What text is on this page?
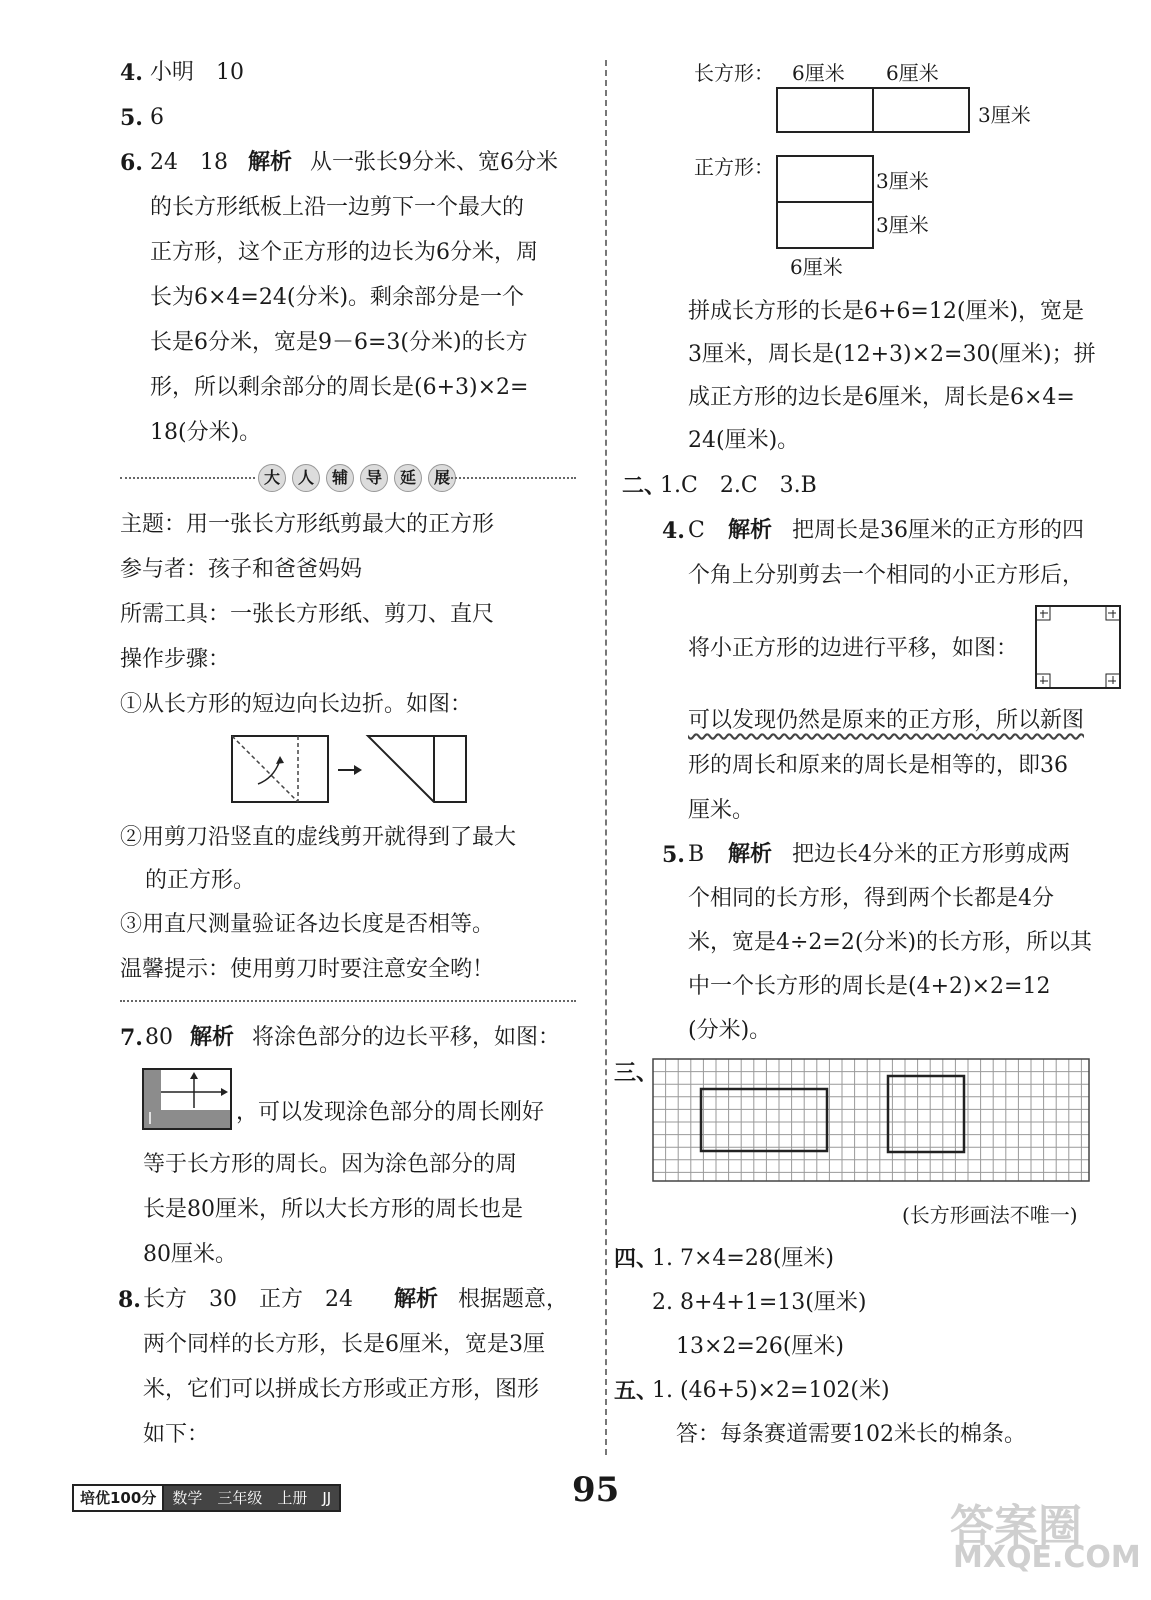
4. 小明　10
5. 6
6. 24　18 解析 从一张长9分米、宽6分米
的长方形纸板上沿一边剪下一个最大的
正方形，这个正方形的边长为6分米，周
长为6×4=24(分米)。剩余部分是一个
长是6分米，宽是9－6=3(分米)的长方
形，所以剩余部分的周长是(6+3)×2=
18(分米)。
大	人	辅	导	延	展
主题：用一张长方形纸剪最大的正方形
参与者：孩子和爸爸妈妈
所需工具：一张长方形纸、剪刀、直尺
操作步骤：
①从长方形的短边向长边折。如图：
②用剪刀沿竖直的虚线剪开就得到了最大
的正方形。
③用直尺测量验证各边长度是否相等。
温馨提示：使用剪刀时要注意安全哟！
7. 80 解析 将涂色部分的边长平移，如图：
，可以发现涂色部分的周长刚好
等于长方形的周长。因为涂色部分的周
长是80厘米，所以大长方形的周长也是
80厘米。
8. 长方　30　正方　24 解析 根据题意，
两个同样的长方形，长是6厘米，宽是3厘
米，它们可以拼成长方形或正方形，图形
如下：
长方形： 6厘米 6厘米
3厘米
正方形：
3厘米
3厘米
6厘米
拼成长方形的长是6+6=12(厘米)，宽是
3厘米，周长是(12+3)×2=30(厘米)；拼
成正方形的边长是6厘米，周长是6×4=
24(厘米)。
二、
1.C　2.C　3.B
4. C 解析 把周长是36厘米的正方形的四
个角上分别剪去一个相同的小正方形后，
将小正方形的边进行平移，如图：
可以发现仍然是原来的正方形，所以新图
形的周长和原来的周长是相等的，即36
厘米。
5. B 解析 把边长4分米的正方形剪成两
个相同的长方形，得到两个长都是4分
米，宽是4÷2=2(分米)的长方形，所以其
中一个长方形的周长是(4+2)×2=12
(分米)。
三、
(长方形画法不唯一)
四、
1. 7×4=28(厘米)
2. 8+4+1=13(厘米)
13×2=26(厘米)
五、
1. (46+5)×2=102(米)
答：每条赛道需要102米长的棉条。
培优100分	数学　三年级　上册　JJ	95
答案圈
MXQE.COM
